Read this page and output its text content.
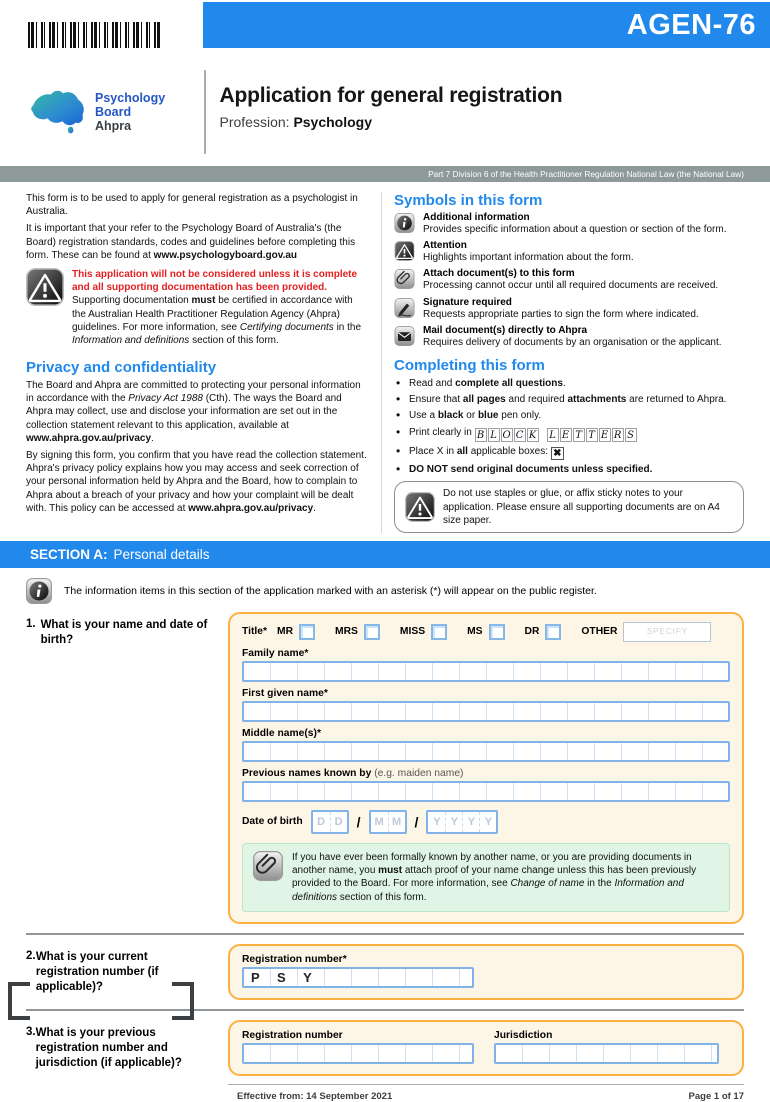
AGEN-76
Psychology Board
Ahpra
Application for general registration
Profession: Psychology
Part 7 Division 6 of the Health Practitioner Regulation National Law (the National Law)

This form is to be used to apply for general registration as a psychologist in Australia.

It is important that your refer to the Psychology Board of Australia's (the Board) registration standards, codes and guidelines before completing this form. These can be found at www.psychologyboard.gov.au

This application will not be considered unless it is complete and all supporting documentation has been provided. Supporting documentation must be certified in accordance with the Australian Health Practitioner Regulation Agency (Ahpra) guidelines. For more information, see Certifying documents in the Information and definitions section of this form.

Privacy and confidentiality

The Board and Ahpra are committed to protecting your personal information in accordance with the Privacy Act 1988 (Cth). The ways the Board and Ahpra may collect, use and disclose your information are set out in the collection statement relevant to this application, available at www.ahpra.gov.au/privacy.

By signing this form, you confirm that you have read the collection statement. Ahpra's privacy policy explains how you may access and seek correction of your personal information held by Ahpra and the Board, how to complain to Ahpra about a breach of your privacy and how your complaint will be dealt with. This policy can be accessed at www.ahpra.gov.au/privacy.

Symbols in this form
Additional information
Provides specific information about a question or section of the form.
Attention
Highlights important information about the form.
Attach document(s) to this form
Processing cannot occur until all required documents are received.
Signature required
Requests appropriate parties to sign the form where indicated.
Mail document(s) directly to Ahpra
Requires delivery of documents by an organisation or the applicant.
Completing this form
• Read and complete all questions.
• Ensure that all pages and required attachments are returned to Ahpra.
• Use a black or blue pen only.
• Print clearly in B L O C K L E T T E R S
• Place X in all applicable boxes: ✖
• DO NOT send original documents unless specified.
Do not use staples or glue, or affix sticky notes to your application. Please ensure all supporting documents are on A4 size paper.
SECTION A: Personal details
The information items in this section of the application marked with an asterisk (*) will appear on the public register.
1. What is your name and date of birth?
Title* MR	MRS	MISS	MS	DR	OTHER
SPECIFY
Family name*
First given name*
Middle name(s)*
Previous names known by (e.g. maiden name)
Date of birth	D D /	M M /	Y Y Y Y
If you have ever been formally known by another name, or you are providing documents in another name, you must attach proof of your name change unless this has been previously provided to the Board. For more information, see Change of name in the Information and definitions section of this form.
2. What is your current registration number (if applicable)?
Registration number*
P S Y
3. What is your previous registration number and jurisdiction (if applicable)?
Registration number	Jurisdiction
Effective from: 14 September 2021	Page 1 of 17
